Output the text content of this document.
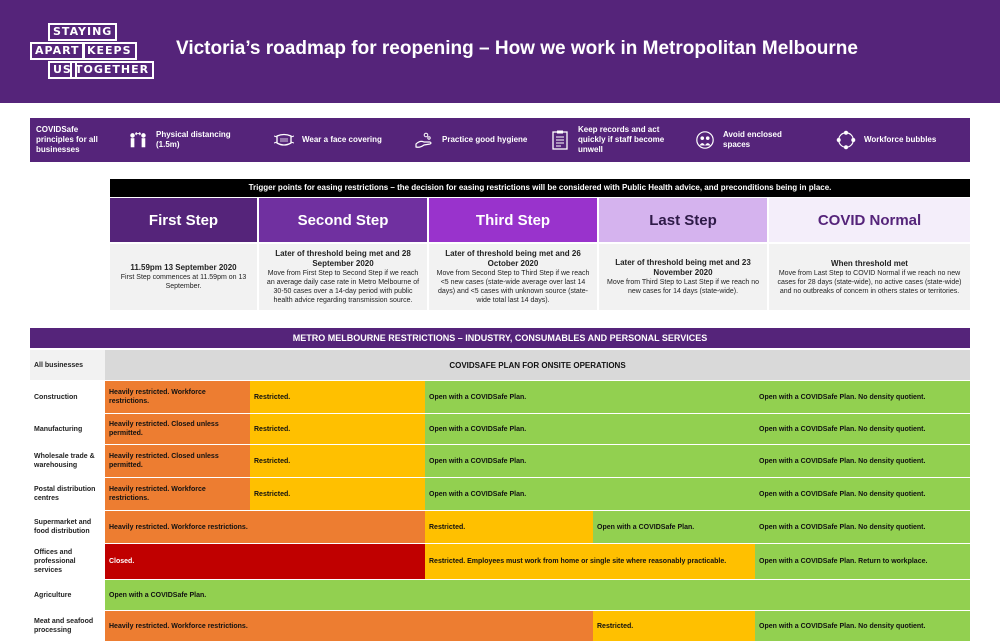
STAYING
APART KEEPS
US TOGETHER
Victoria’s roadmap for reopening – How we work in Metropolitan Melbourne
COVIDSafe principles for all businesses
Physical distancing (1.5m)
Wear a face covering	Practice good hygiene
Keep records and act quickly if staff become unwell
Avoid enclosed spaces
Workforce bubbles
Trigger points for easing restrictions – the decision for easing restrictions will be considered with Public Health advice, and preconditions being in place.
First Step	Second Step	Third Step	Last Step	COVID Normal
11.59pm 13 September 2020
First Step commences at 11.59pm on 13 September.
Later of threshold being met and 28 September 2020
Move from First Step to Second Step if we reach an average daily case rate in Metro Melbourne of 30-50 cases over a 14-day period with public health advice regarding transmission source.
Later of threshold being met and 26 October 2020
Move from Second Step to Third Step if we reach <5 new cases (state-wide average over last 14 days) and <5 cases with unknown source (state-wide total last 14 days).
Later of threshold being met and 23 November 2020
Move from Third Step to Last Step if we reach no new cases for 14 days (state-wide).
When threshold met
Move from Last Step to COVID Normal if we reach no new cases for 28 days (state-wide), no active cases (state-wide) and no outbreaks of concern in others states or territories.
METRO MELBOURNE RESTRICTIONS – INDUSTRY, CONSUMABLES AND PERSONAL SERVICES
All businesses	COVIDSAFE PLAN FOR ONSITE OPERATIONS
Construction
Heavily restricted. Workforce restrictions.
Restricted.	Open with a COVIDSafe Plan.	Open with a COVIDSafe Plan. No density quotient.
Manufacturing
Heavily restricted. Closed unless permitted.
Restricted.	Open with a COVIDSafe Plan.	Open with a COVIDSafe Plan. No density quotient.
Wholesale trade & warehousing
Heavily restricted. Closed unless permitted.
Restricted.	Open with a COVIDSafe Plan.	Open with a COVIDSafe Plan. No density quotient.
Postal distribution centres
Heavily restricted. Workforce restrictions.
Restricted.	Open with a COVIDSafe Plan.	Open with a COVIDSafe Plan. No density quotient.
Supermarket and food distribution
Heavily restricted. Workforce restrictions.	Restricted.	Open with a COVIDSafe Plan.	Open with a COVIDSafe Plan. No density quotient.
Offices and professional services
Closed.	Restricted. Employees must work from home or single site where reasonably practicable.	Open with a COVIDSafe Plan. Return to workplace.
Agriculture	Open with a COVIDSafe Plan.
Meat and seafood processing
Heavily restricted. Workforce restrictions.	Restricted.	Open with a COVIDSafe Plan. No density quotient.
